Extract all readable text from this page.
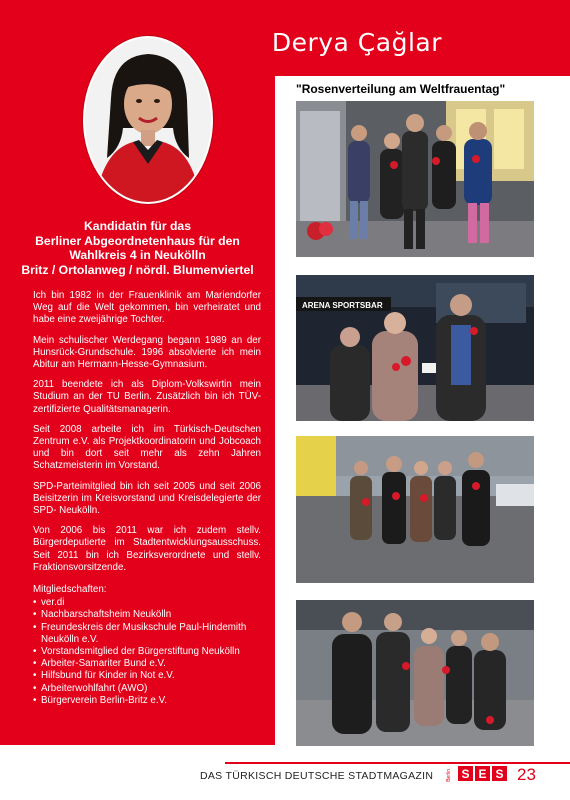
Derya Çağlar
Kandidatin für das
Berliner Abgeordnetenhaus für den
Wahlkreis 4 in Neukölln
Britz / Ortolanweg / nördl. Blumenviertel

Ich bin 1982 in der Frauenklinik am Mariendorfer Weg auf die Welt gekommen, bin verheiratet und habe eine zweijährige Tochter.

Mein schulischer Werdegang begann 1989 an der Hunsrück-Grundschule. 1996 absolvierte ich mein Abitur am Hermann-Hesse-Gymnasium.

2011 beendete ich als Diplom-Volkswirtin mein Studium an der TU Berlin. Zusätzlich bin ich TÜV-zertifizierte Qualitätsmanagerin.

Seit 2008 arbeite ich im Türkisch-Deutschen Zentrum e.V. als Projektkoordinatorin und Jobcoach und bin dort seit mehr als zehn Jahren Schatzmeisterin im Vorstand.

SPD-Parteimitglied bin ich seit 2005 und seit 2006 Beisitzerin im Kreisvorstand und Kreisdelegierte der SPD- Neukölln.

Von 2006 bis 2011 war ich zudem stellv. Bürgerdeputierte im Stadtentwicklungsausschuss. Seit 2011 bin ich Bezirksverordnete und stellv. Fraktionsvorsitzende.

Mitgliedschaften:
• ver.di
• Nachbarschaftsheim Neukölln
• Freundeskreis der Musikschule Paul-Hindemith Neukölln e.V.
• Vorstandsmitglied der Bürgerstiftung Neukölln
• Arbeiter-Samariter Bund e.V.
• Hilfsbund für Kinder in Not e.V.
• Arbeiterwohlfahrt (AWO)
• Bürgerverein Berlin-Britz e.V.
"Rosenverteilung am Weltfrauentag"
ARENA SPORTSBAR
DAS TÜRKISCH DEUTSCHE STADTMAGAZIN	Berlin S E S 23
